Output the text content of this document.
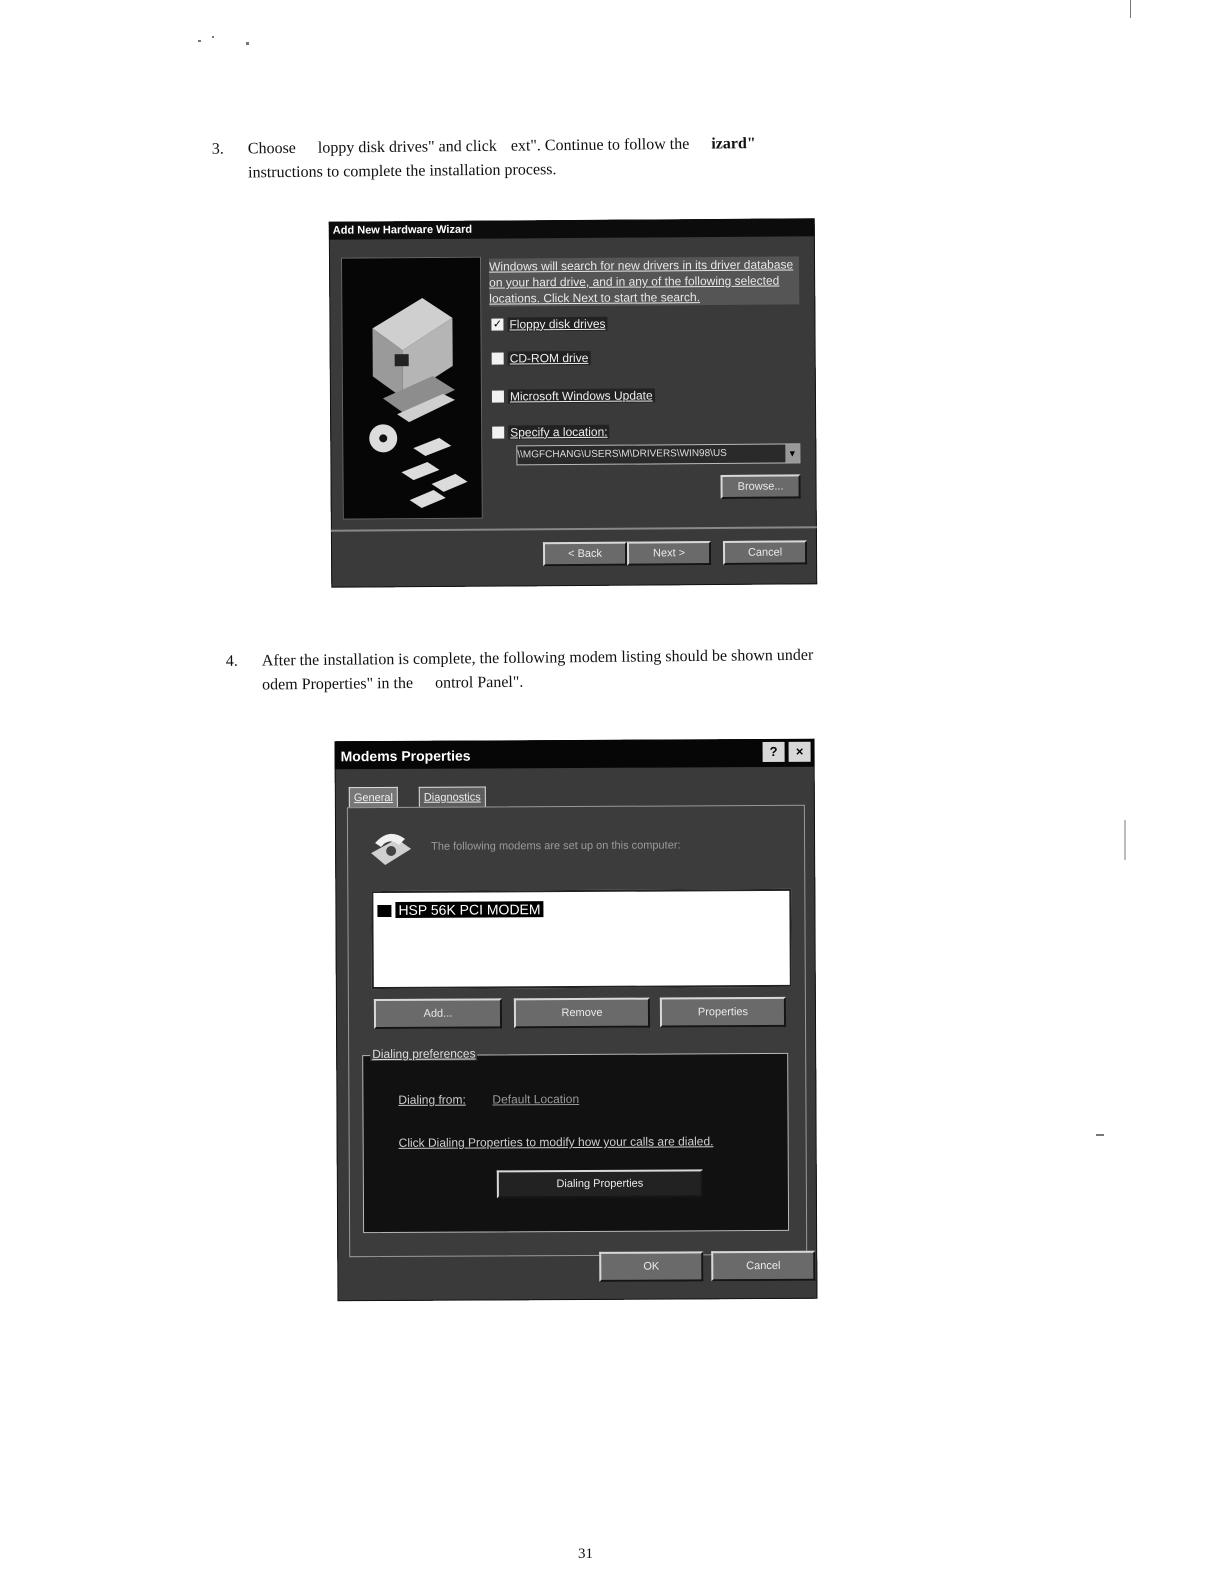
3. Choose loppy disk drives" and click ext". Continue to follow the izard"
instructions to complete the installation process.
Add New Hardware Wizard
Windows will search for new drivers in its driver database on your hard drive, and in any of the following selected locations. Click Next to start the search.
✓ Floppy disk drives
CD-ROM drive
Microsoft Windows Update
Specify a location:
\\MGFCHANG\USERS\M\DRIVERS\WIN98\US	▼
Browse...
< Back	Next >	Cancel
4. After the installation is complete, the following modem listing should be shown under
odem Properties" in the ontrol Panel".
Modems Properties	?	×
General	Diagnostics
The following modems are set up on this computer:
HSP 56K PCI MODEM
Add...	Remove	Properties
Dialing preferences
Dialing from: Default Location
Click Dialing Properties to modify how your calls are dialed.
Dialing Properties
OK	Cancel
31
